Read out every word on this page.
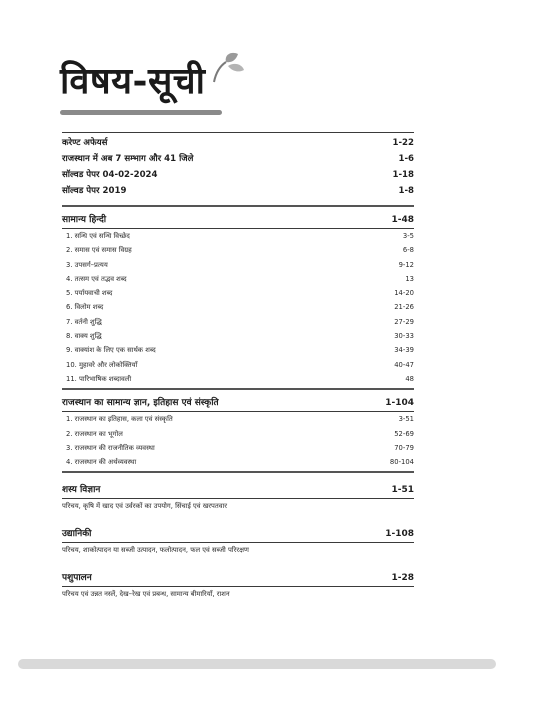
विषय-सूची
करेण्ट अफेयर्स	1-22
राजस्थान में अब 7 सम्भाग और 41 जिले	1-6
सॉल्वड पेपर 04-02-2024	1-18
सॉल्वड पेपर 2019	1-8
सामान्य हिन्दी	1-48
1. सन्धि एवं सन्धि विच्छेद	3-5
2. समास एवं समास विग्रह	6-8
3. उपसर्ग–प्रत्यय	9-12
4. तत्सम एवं तद्भव शब्द	13
5. पर्यायवाची शब्द	14-20
6. विलोम शब्द	21-26
7. वर्तनी शुद्धि	27-29
8. वाक्य शुद्धि	30-33
9. वाक्यांश के लिए एक सार्थक शब्द	34-39
10. मुहावरे और लोकोक्तियाँ	40-47
11. पारिभाषिक शब्दावली	48
राजस्थान का सामान्य ज्ञान, इतिहास एवं संस्कृति	1-104
1. राजस्थान का इतिहास, कला एवं संस्कृति	3-51
2. राजस्थान का भूगोल	52-69
3. राजस्थान की राजनीतिक व्यवस्था	70-79
4. राजस्थान की अर्थव्यवस्था	80-104
शस्य विज्ञान	1-51
परिचय, कृषि में खाद एवं उर्वरकों का उपयोग, सिंचाई एवं खरपतवार
उद्यानिकी	1-108
परिचय, शाकोत्पादन या सब्जी उत्पादन, फलोत्पादन, फल एवं सब्जी परिरक्षण
पशुपालन	1-28
परिचय एवं उन्नत नस्लें, देख–रेख एवं प्रबन्ध, सामान्य बीमारियाँ, राशन
